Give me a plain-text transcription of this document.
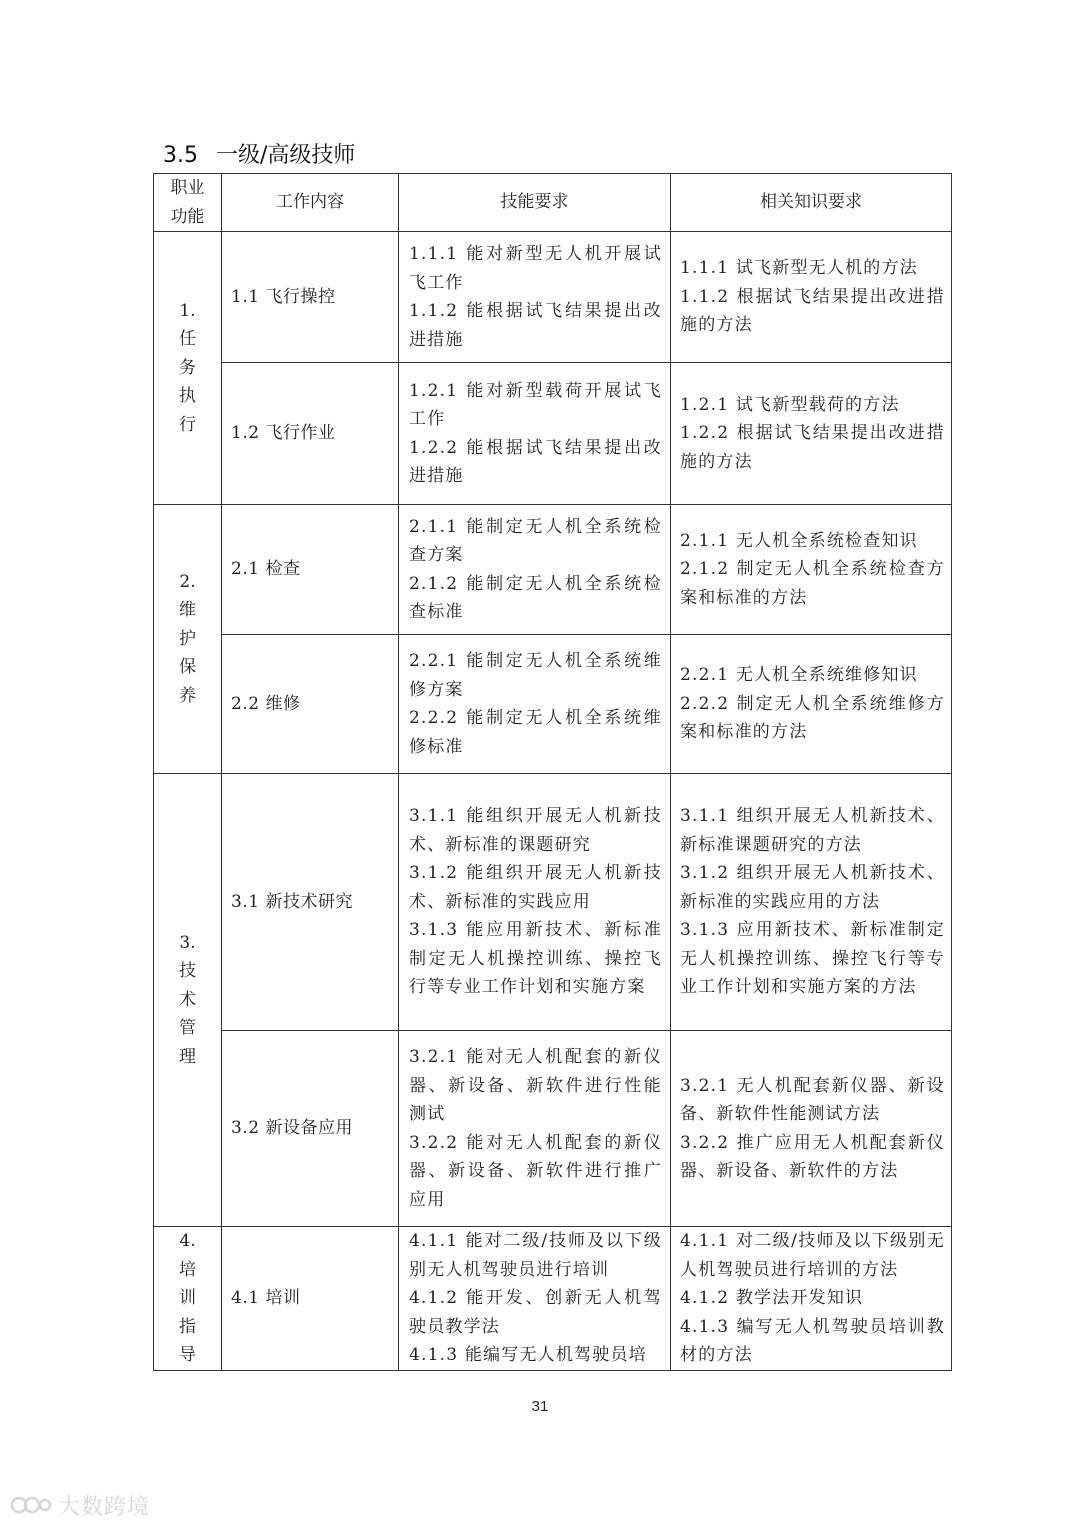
3.5 一级/高级技师
职业功能	工作内容	技能要求	相关知识要求
1.任务执行	1.1 飞行操控	1.1.1 能对新型无人机开展试飞工作
1.1.2 能根据试飞结果提出改进措施	1.1.1 试飞新型无人机的方法
1.1.2 根据试飞结果提出改进措施的方法

	1.2 飞行作业	1.2.1 能对新型载荷开展试飞工作
1.2.2 能根据试飞结果提出改进措施	1.2.1 试飞新型载荷的方法
1.2.2 根据试飞结果提出改进措施的方法

2.维护保养	2.1 检查	2.1.1 能制定无人机全系统检查方案
2.1.2 能制定无人机全系统检查标准	2.1.1 无人机全系统检查知识
2.1.2 制定无人机全系统检查方案和标准的方法

	2.2 维修	2.2.1 能制定无人机全系统维修方案
2.2.2 能制定无人机全系统维修标准	2.2.1 无人机全系统维修知识
2.2.2 制定无人机全系统维修方案和标准的方法

3.技术管理	3.1 新技术研究	3.1.1 能组织开展无人机新技术、新标准的课题研究
3.1.2 能组织开展无人机新技术、新标准的实践应用
3.1.3 能应用新技术、新标准制定无人机操控训练、操控飞行等专业工作计划和实施方案	3.1.1 组织开展无人机新技术、新标准课题研究的方法
3.1.2 组织开展无人机新技术、新标准的实践应用的方法
3.1.3 应用新技术、新标准制定无人机操控训练、操控飞行等专业工作计划和实施方案的方法

	3.2 新设备应用	3.2.1 能对无人机配套的新仪器、新设备、新软件进行性能测试
3.2.2 能对无人机配套的新仪器、新设备、新软件进行推广应用	3.2.1 无人机配套新仪器、新设备、新软件性能测试方法
3.2.2 推广应用无人机配套新仪器、新设备、新软件的方法

4.培训指导	4.1 培训	4.1.1 能对二级/技师及以下级别无人机驾驶员进行培训
4.1.2 能开发、创新无人机驾驶员教学法
4.1.3 能编写无人机驾驶员培	4.1.1 对二级/技师及以下级别无人机驾驶员进行培训的方法
4.1.2 教学法开发知识
4.1.3 编写无人机驾驶员培训教材的方法
31
大数跨境
